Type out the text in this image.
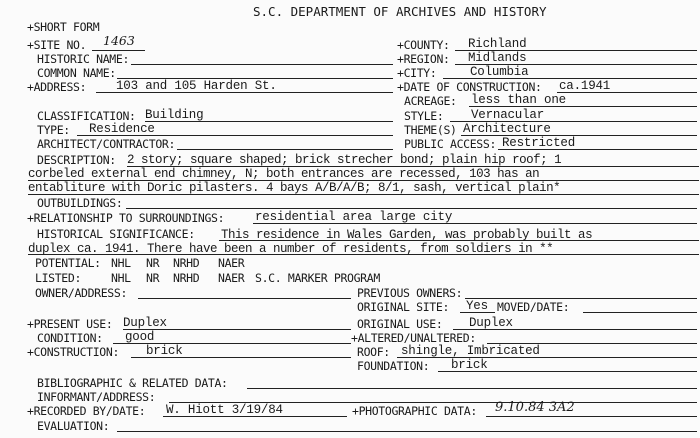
S.C. DEPARTMENT OF ARCHIVES AND HISTORY
+SHORT FORM
+SITE NO. 1463	+COUNTY: Richland
HISTORIC NAME:	+REGION: Midlands
COMMON NAME:	+CITY:	Columbia
+ADDRESS: 103 and 105 Harden St.	+DATE OF CONSTRUCTION: ca.1941
ACREAGE: less than one
CLASSIFICATION: Building	STYLE: Vernacular
TYPE: Residence	THEME(S) Architecture
ARCHITECT/CONTRACTOR:	PUBLIC ACCESS: Restricted
DESCRIPTION: 2 story; square shaped; brick strecher bond; plain hip roof; 1
corbeled external end chimney, N; both entrances are recessed, 103 has an
entabliture with Doric pilasters. 4 bays A/B/A/B; 8/1, sash, vertical plain*
OUTBUILDINGS:
+RELATIONSHIP TO SURROUNDINGS: residential area large city
HISTORICAL SIGNIFICANCE: This residence in Wales Garden, was probably built as
duplex ca. 1941. There have been a number of residents, from soldiers in **
POTENTIAL: NHL NR NRHD NAER
LISTED:	NHL NR NRHD NAER S.C. MARKER PROGRAM
OWNER/ADDRESS:	PREVIOUS OWNERS:
ORIGINAL SITE: Yes MOVED/DATE:
+PRESENT USE: Duplex	ORIGINAL USE: Duplex
CONDITION: good	+ALTERED/UNALTERED:
+CONSTRUCTION: brick	ROOF: shingle, Imbricated
FOUNDATION: brick
BIBLIOGRAPHIC & RELATED DATA:
INFORMANT/ADDRESS:
+RECORDED BY/DATE: W. Hiott 3/19/84	+PHOTOGRAPHIC DATA: 9.10.84 3A2
EVALUATION:
